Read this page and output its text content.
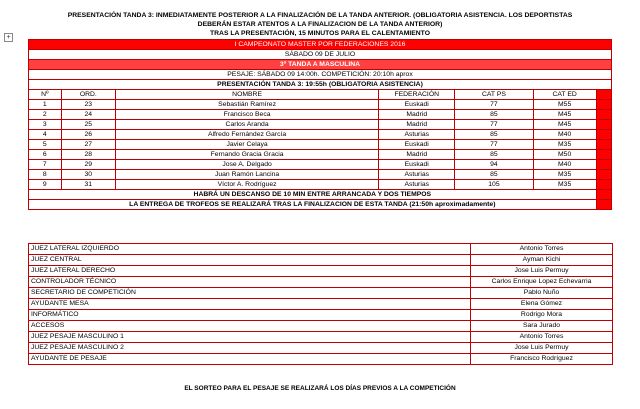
PRESENTACIÓN TANDA 3: INMEDIATAMENTE POSTERIOR A LA FINALIZACIÓN DE LA TANDA ANTERIOR. (OBLIGATORIA ASISTENCIA. LOS DEPORTISTAS
DEBERÁN ESTAR ATENTOS A LA FINALIZACION DE LA TANDA ANTERIOR)
TRAS LA PRESENTACIÓN, 15 MINUTOS PARA EL CALENTAMIENTO
+
I CAMPEONATO MASTER POR FEDERACIONES 2016						
SÁBADO 09 DE JULIO						
3ª TANDA A MASCULINA						
PESAJE: SÁBADO 09 14:00h. COMPETICIÓN: 20:10h aprox						
PRESENTACIÓN TANDA 3: 19:55h (OBLIGATORIA ASISTENCIA)						
Nº	ORD.	NOMBRE	FEDERACIÓN	CAT PS	CAT ED	
1	23	Sebastián Ramírez	Euskadi	77	M55	
2	24	Francisco Beca	Madrid	85	M45	
3	25	Carlos Aranda	Madrid	77	M45	
4	26	Alfredo Fernández García	Asturias	85	M40	
5	27	Javier Celaya	Euskadi	77	M35	
6	28	Fernando Gracia Gracia	Madrid	85	M50	
7	29	Jose A. Delgado	Euskadi	94	M40	
8	30	Juan Ramón Lancina	Asturias	85	M35	
9	31	Víctor A. Rodríguez	Asturias	105	M35	
HABRÁ UN DESCANSO DE 10 MIN ENTRE ARRANCADA Y DOS TIEMPOS						
LA ENTREGA DE TROFEOS SE REALIZARÁ TRAS LA FINALIZACION DE ESTA TANDA (21:50h aproximadamente)						
JUEZ LATERAL IZQUIERDO	Antonio Torres
JUEZ CENTRAL	Ayman Kichi
JUEZ LATERAL DERECHO	Jose Luis Permuy
CONTROLADOR TÉCNICO	Carlos Enrique Lopez Echevarria
SECRETARIO DE COMPETICIÓN	Pablo Nuño
AYUDANTE MESA	Elena Gómez
INFORMÁTICO	Rodrigo Mora
ACCESOS	Sara Jurado
JUEZ PESAJE MASCULINO 1	Antonio Torres
JUEZ PESAJE MASCULINO 2	Jose Luis Permuy
AYUDANTE DE PESAJE	Francisco Rodríguez
EL SORTEO PARA EL PESAJE SE REALIZARÁ LOS DÍAS PREVIOS A LA COMPETICIÓN
